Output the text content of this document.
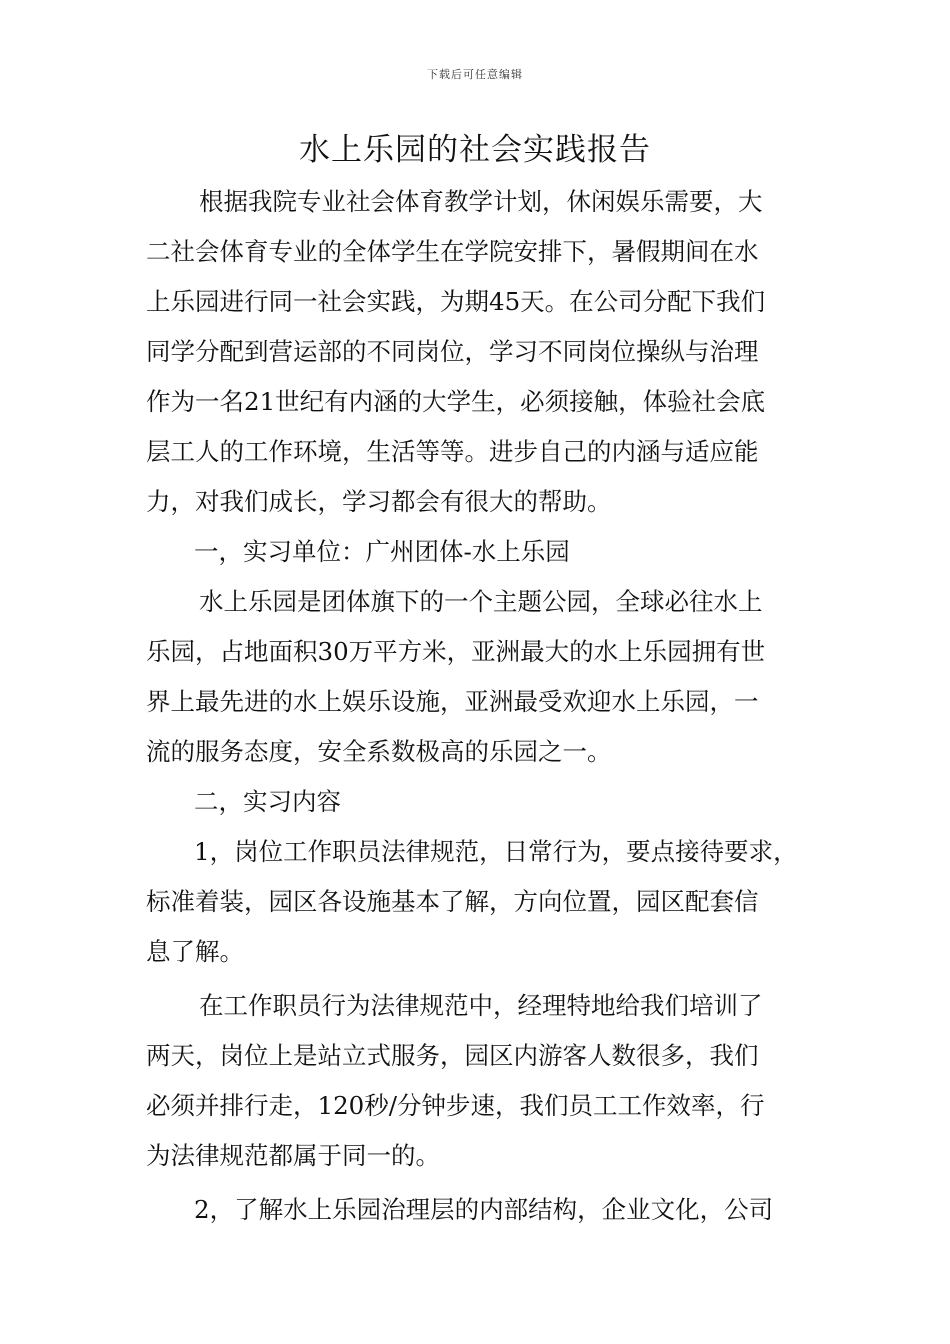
下载后可任意编辑
水上乐园的社会实践报告
根据我院专业社会体育教学计划，休闲娱乐需要，大
二社会体育专业的全体学生在学院安排下，暑假期间在水
上乐园进行同一社会实践，为期45天。在公司分配下我们
同学分配到营运部的不同岗位，学习不同岗位操纵与治理
作为一名21世纪有内涵的大学生，必须接触，体验社会底
层工人的工作环境，生活等等。进步自己的内涵与适应能
力，对我们成长，学习都会有很大的帮助。
一，实习单位：广州团体-水上乐园
水上乐园是团体旗下的一个主题公园，全球必往水上
乐园，占地面积30万平方米，亚洲最大的水上乐园拥有世
界上最先进的水上娱乐设施，亚洲最受欢迎水上乐园，一
流的服务态度，安全系数极高的乐园之一。
二，实习内容
1，岗位工作职员法律规范，日常行为，要点接待要求，
标准着装，园区各设施基本了解，方向位置，园区配套信
息了解。
在工作职员行为法律规范中，经理特地给我们培训了
两天，岗位上是站立式服务，园区内游客人数很多，我们
必须并排行走，120秒/分钟步速，我们员工工作效率，行
为法律规范都属于同一的。
2，了解水上乐园治理层的内部结构，企业文化，公司
